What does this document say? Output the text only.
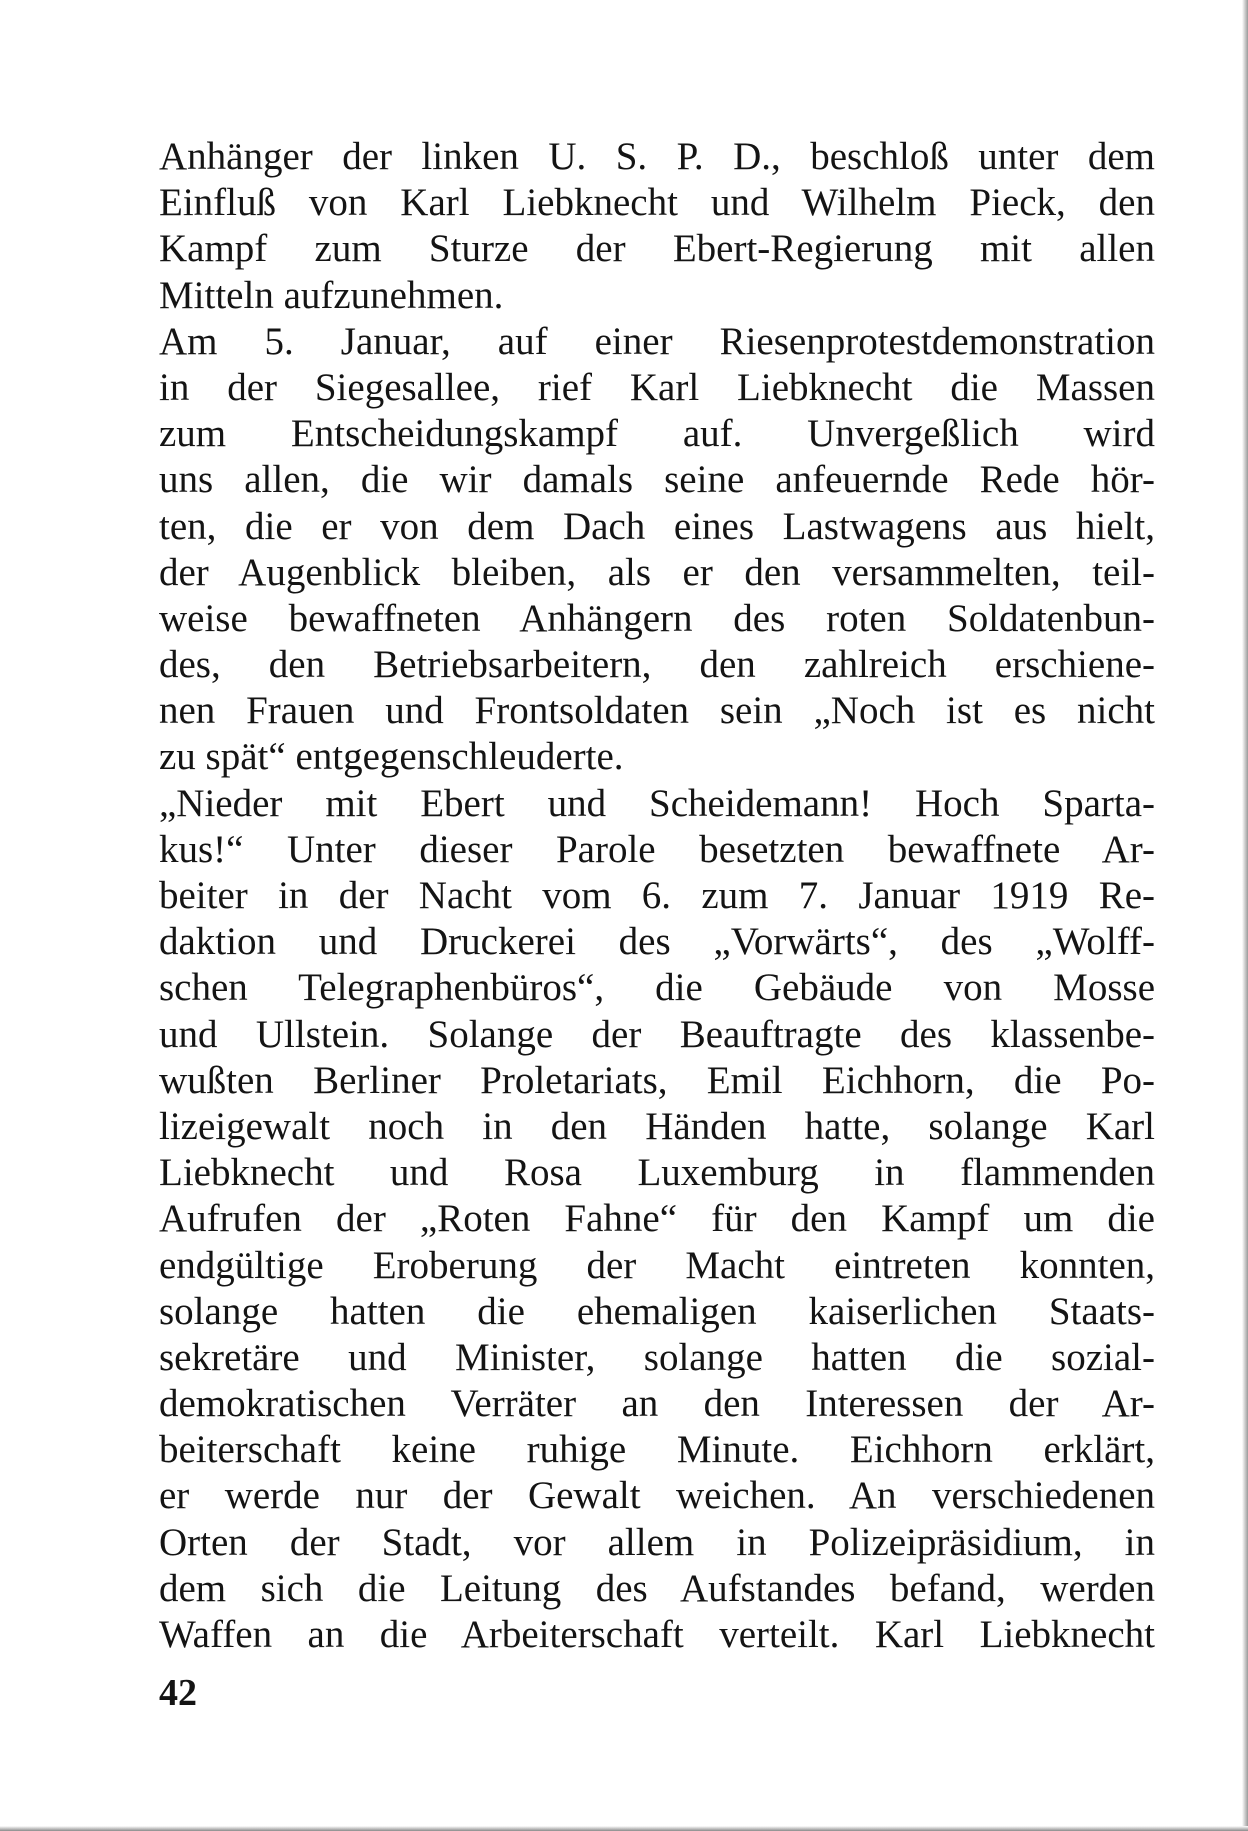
Anhänger der linken U. S. P. D., beschloß unter dem
Einfluß von Karl Liebknecht und Wilhelm Pieck, den
Kampf zum Sturze der Ebert-Regierung mit allen
Mitteln aufzunehmen.
Am 5. Januar, auf einer Riesenprotestdemonstration
in der Siegesallee, rief Karl Liebknecht die Massen
zum Entscheidungskampf auf. Unvergeßlich wird
uns allen, die wir damals seine anfeuernde Rede hör-
ten, die er von dem Dach eines Lastwagens aus hielt,
der Augenblick bleiben, als er den versammelten, teil-
weise bewaffneten Anhängern des roten Soldatenbun-
des, den Betriebsarbeitern, den zahlreich erschiene-
nen Frauen und Frontsoldaten sein „Noch ist es nicht
zu spät“ entgegenschleuderte.
„Nieder mit Ebert und Scheidemann! Hoch Sparta-
kus!“ Unter dieser Parole besetzten bewaffnete Ar-
beiter in der Nacht vom 6. zum 7. Januar 1919 Re-
daktion und Druckerei des „Vorwärts“, des „Wolff-
schen Telegraphenbüros“, die Gebäude von Mosse
und Ullstein. Solange der Beauftragte des klassenbe-
wußten Berliner Proletariats, Emil Eichhorn, die Po-
lizeigewalt noch in den Händen hatte, solange Karl
Liebknecht und Rosa Luxemburg in flammenden
Aufrufen der „Roten Fahne“ für den Kampf um die
endgültige Eroberung der Macht eintreten konnten,
solange hatten die ehemaligen kaiserlichen Staats-
sekretäre und Minister, solange hatten die sozial-
demokratischen Verräter an den Interessen der Ar-
beiterschaft keine ruhige Minute. Eichhorn erklärt,
er werde nur der Gewalt weichen. An verschiedenen
Orten der Stadt, vor allem in Polizeipräsidium, in
dem sich die Leitung des Aufstandes befand, werden
Waffen an die Arbeiterschaft verteilt. Karl Liebknecht
42
